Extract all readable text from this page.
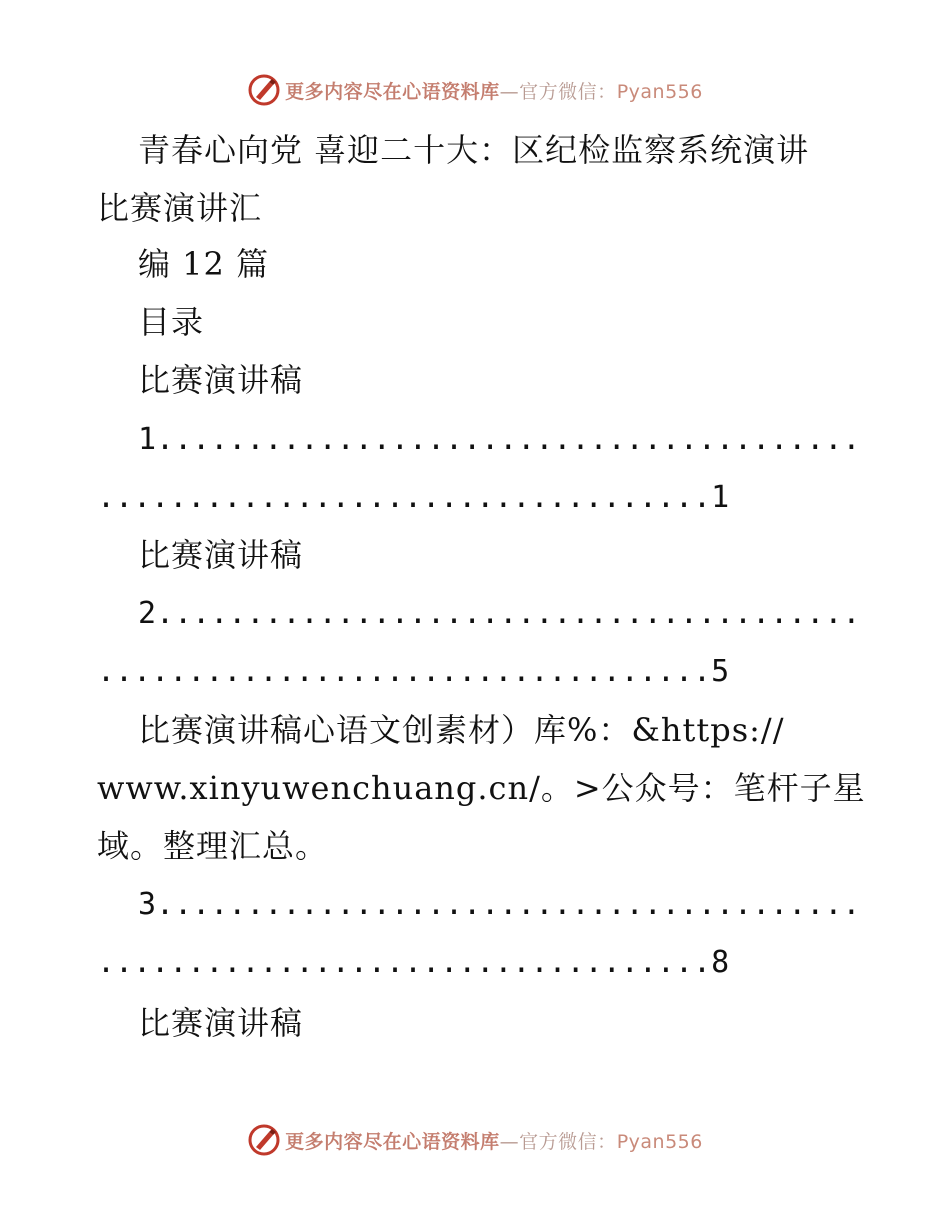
更多内容尽在心语资料库—官方微信：Pyan556
青春心向党 喜迎二十大：区纪检监察系统演讲
比赛演讲汇
编 12 篇
目录
比赛演讲稿
1.......................................
..................................1
比赛演讲稿
2.......................................
..................................5
比赛演讲稿心语文创素材）库%：&https://
www.xinyuwenchuang.cn/。>公众号：笔杆子星
域。整理汇总。
3.......................................
..................................8
比赛演讲稿
更多内容尽在心语资料库—官方微信：Pyan556
